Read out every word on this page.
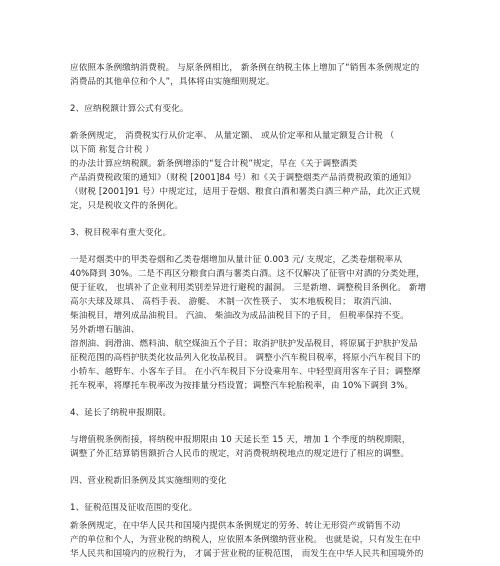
应依照本条例缴纳消费税。 与原条例相比， 新条例在纳税主体上增加了“销售本条例规定的
消费品的其他单位和个人”，具体将由实施细则规定。
2、应纳税额计算公式有变化。
新条例规定， 消费税实行从价定率、 从量定额、 或从价定率和从量定额复合计税 （
以下简 称复合计税 ）
的办法计算应纳税额。新条例增添的“复合计税”规定，早在《关于调整酒类
产品消费税政策的通知》（财税 [2001]84 号）和《关于调整烟类产品消费税政策的通知》
（财税 [2001]91 号）中规定过，适用于卷烟、粮食白酒和薯类白酒三种产品，此次正式规
定，只是税收文件的条例化。
3、税目税率有重大变化。
一是对烟类中的甲类卷烟和乙类卷烟增加从量计征 0.003 元/ 支规定，乙类卷烟税率从
40%降到 30%。二是不再区分粮食白酒与薯类白酒。这不仅解决了征管中对酒的分类处理，
便于征收， 也填补了企业利用类别差异进行避税的漏洞。 三是新增、调整税目条例化。 新增
高尔夫球及球具、 高档手表、 游艇、 木制一次性筷子、 实木地板税目； 取消汽油、
柴油税目，增列成品油税目。 汽油、 柴油改为成品油税目下的子目， 但税率保持不变。
另外新增石脑油、
溶剂油、润滑油、燃料油、航空煤油五个子目；取消护肤护发品税目，将原属于护肤护发品
征税范围的高档护肤类化妆品列入化妆品税目。 调整小汽车税目税率，将原小汽车税目下的
小轿车、越野车、小客车子目。 在小汽车税目下分设乘用车、中轻型商用客车子目；调整摩
托车税率，将摩托车税率改为按排量分档设置；调整汽车轮胎税率，由 10%下调到 3%。
4、延长了纳税申报期限。
与增值税条例衔接，将纳税申报期限由 10 天延长至 15 天，增加 1 个季度的纳税期限，
调整了外汇结算销售额折合人民币的规定，对消费税纳税地点的规定进行了相应的调整。
四、营业税新旧条例及其实施细则的变化
1、征税范围及征收范围的变化。
新条例规定，在中华人民共和国境内提供本条例规定的劳务、转让无形资产或销售不动
产的单位和个人，为营业税的纳税人，应依照本条例缴纳营业税。 也就是说，只有发生在中
华人民共和国境内的应税行为， 才属于营业税的征税范围， 而发生在中华人民共和国境外的
